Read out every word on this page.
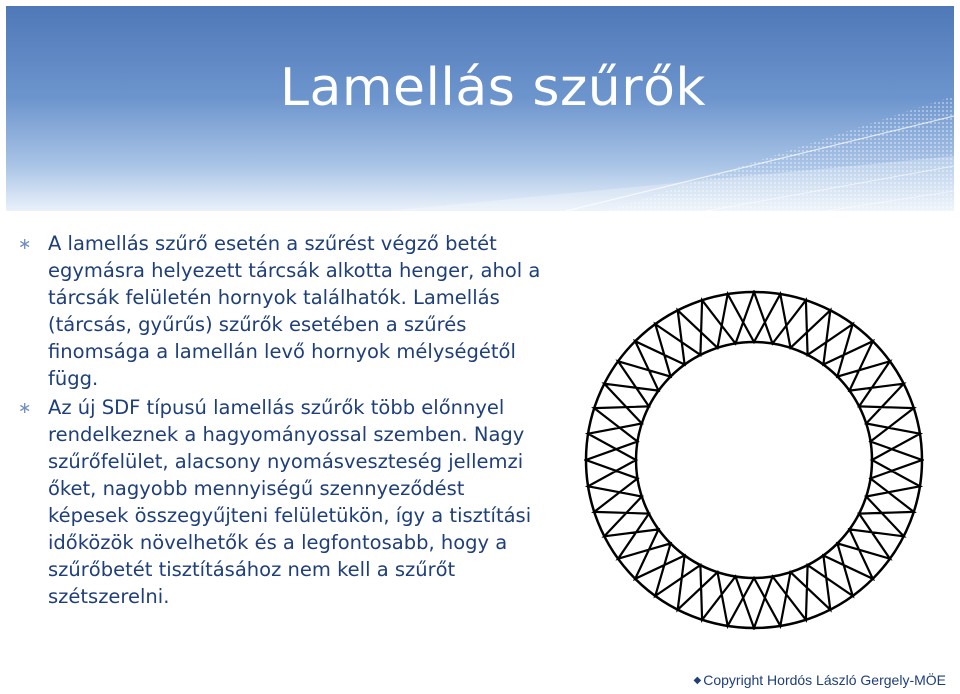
Lamellás szűrők
∗ A lamellás szűrő esetén a szűrést végző betét egymásra helyezett tárcsák alkotta henger, ahol a tárcsák felületén hornyok találhatók. Lamellás (tárcsás, gyűrűs) szűrők esetében a szűrés finomsága a lamellán levő hornyok mélységétől függ.
∗ Az új SDF típusú lamellás szűrők több előnnyel rendelkeznek a hagyományossal szemben. Nagy szűrőfelület, alacsony nyomásveszteség jellemzi őket, nagyobb mennyiségű szennyeződést képesek összegyűjteni felületükön, így a tisztítási időközök növelhetők és a legfontosabb, hogy a szűrőbetét tisztításához nem kell a szűrőt szétszerelni.
◆ Copyright Hordós László Gergely-MÖE
